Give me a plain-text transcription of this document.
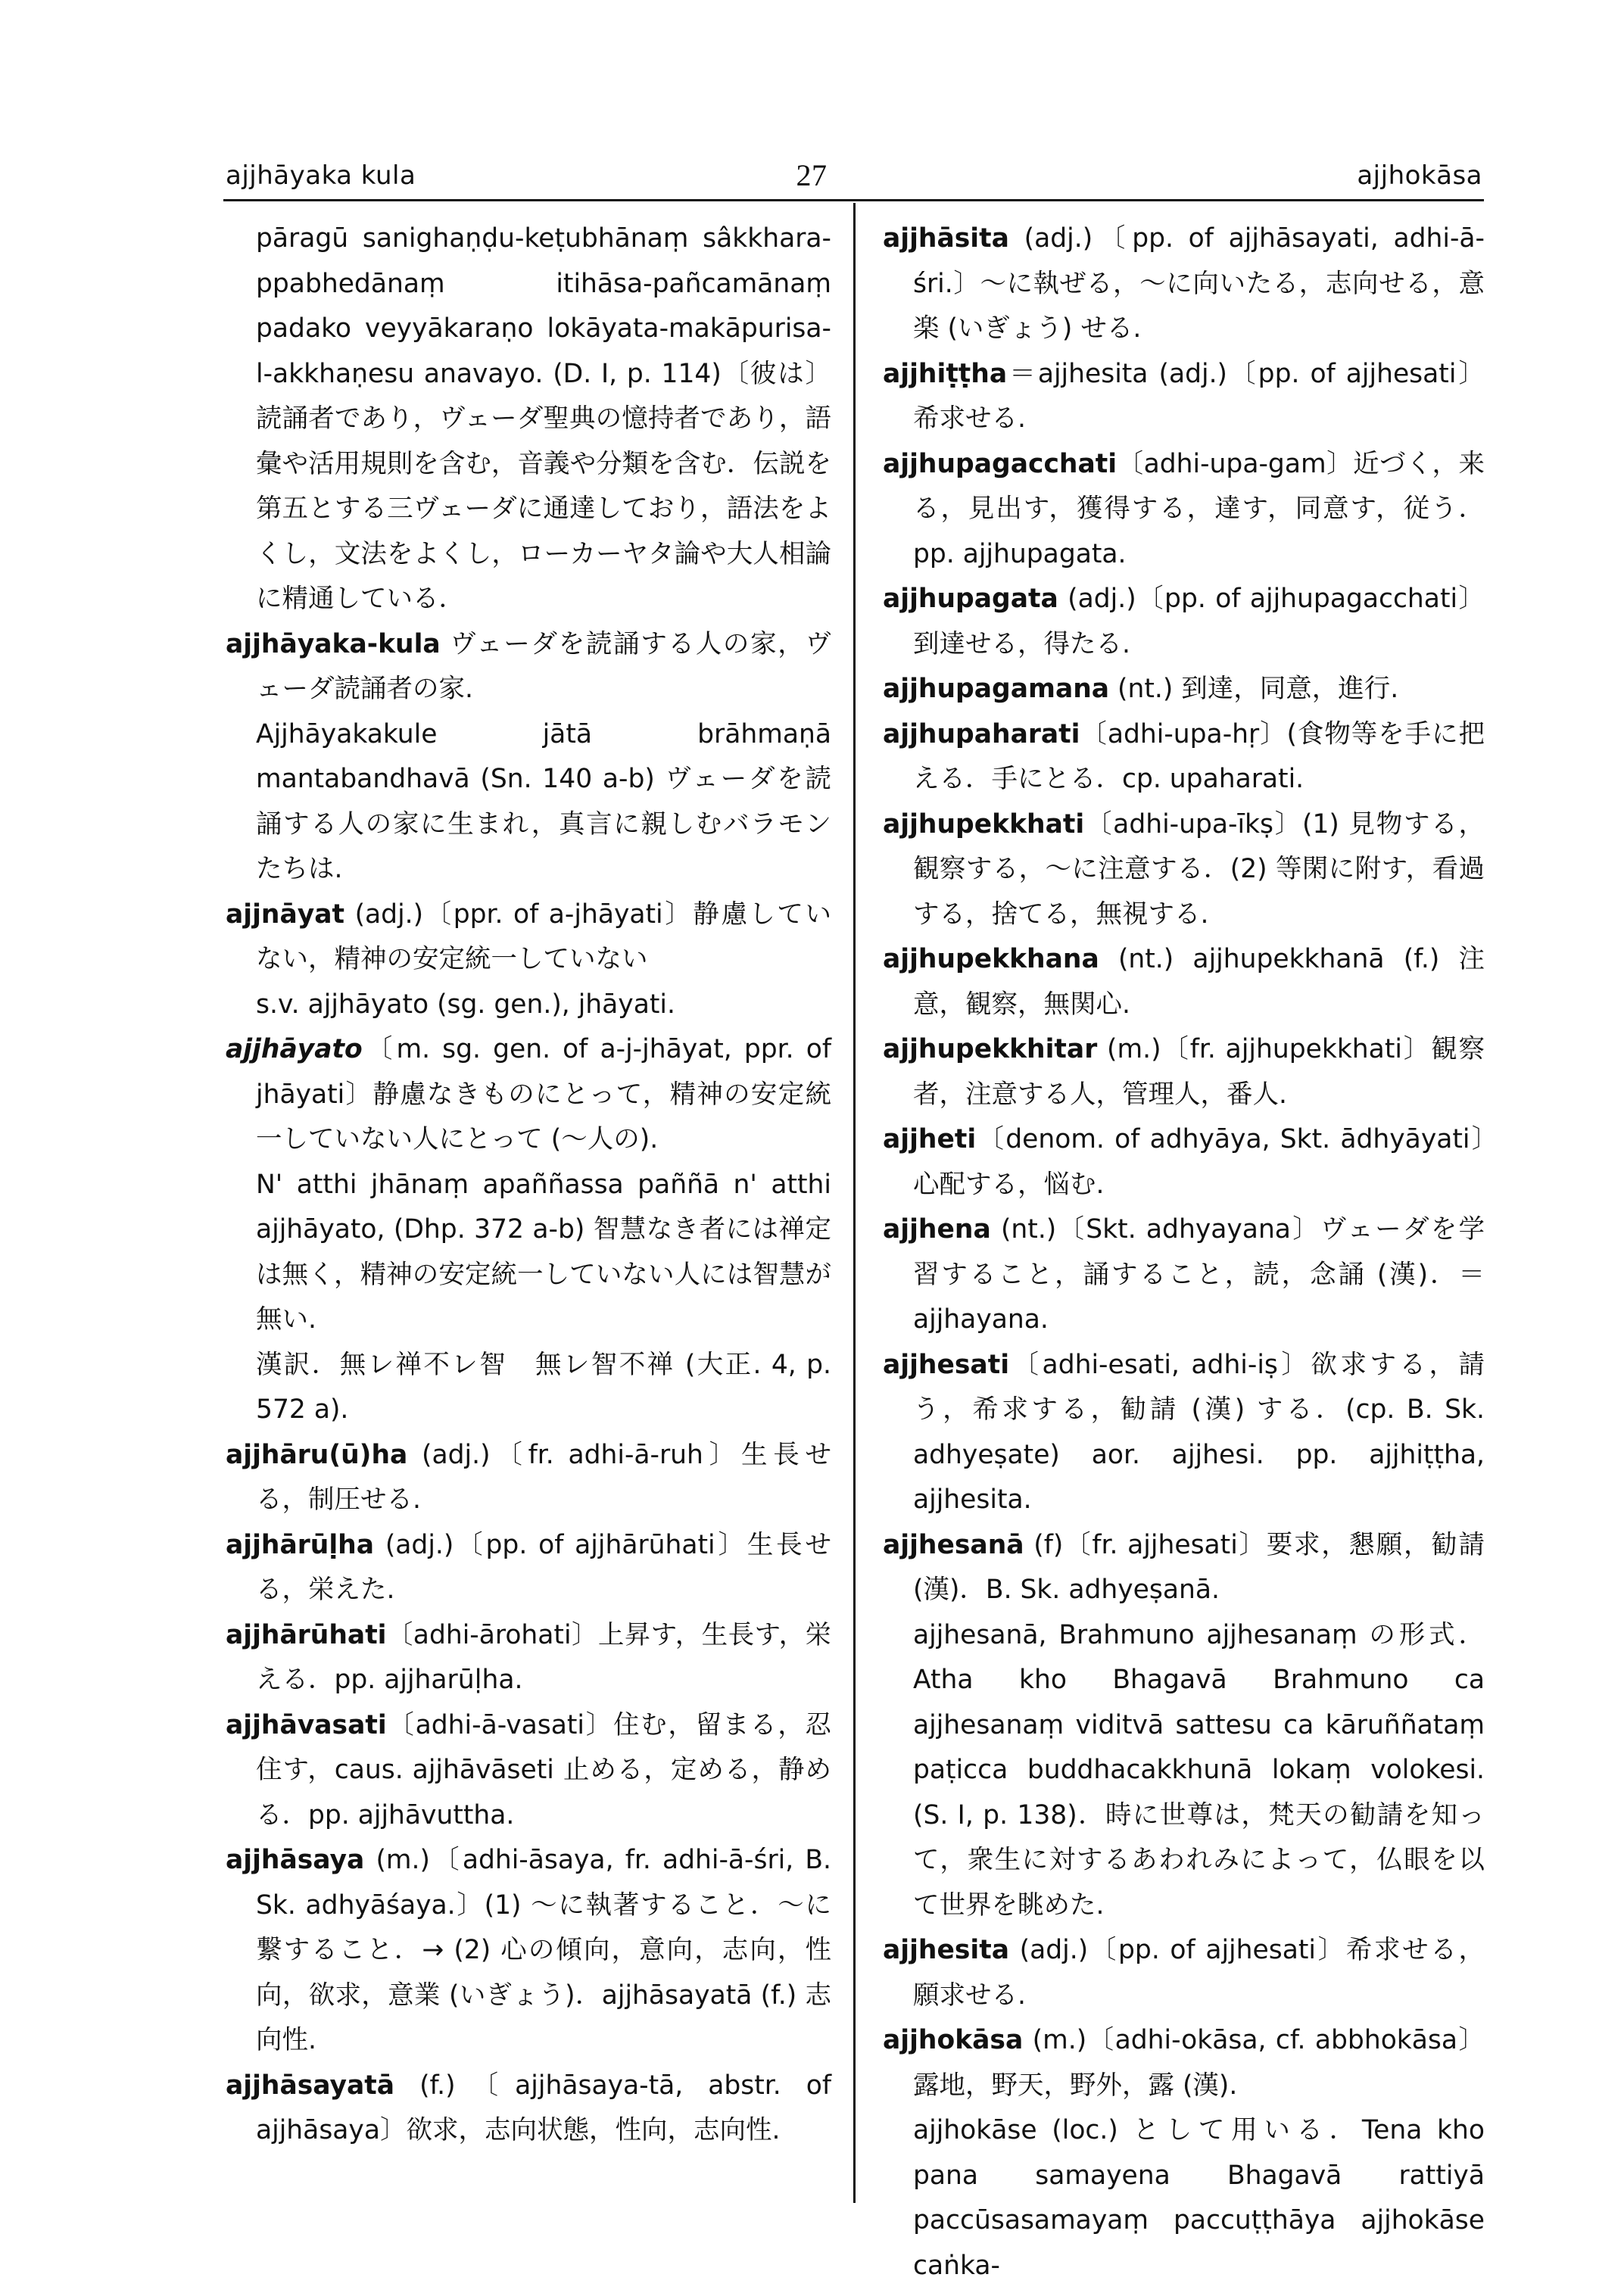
ajjhāyaka kula	27	ajjhokāsa

pāragū sanighaṇḍu-keṭubhānaṃ sâkkhara-ppabhedānaṃ itihāsa-pañcamānaṃ padako veyyākaraṇo lokāyata-makāpurisa-l-akkhaṇesu anavayo. (D. I, p. 114)〔彼は〕読誦者であり，ヴェーダ聖典の憶持者であり，語彙や活用規則を含む，音義や分類を含む．伝説を第五とする三ヴェーダに通達しており，語法をよくし，文法をよくし，ローカーヤタ論や大人相論に精通している．

ajjhāyaka-kula ヴェーダを読誦する人の家，ヴェーダ読誦者の家.

Ajjhāyakakule jātā brāhmaṇā mantabandhavā (Sn. 140 a-b) ヴェーダを読誦する人の家に生まれ，真言に親しむバラモンたちは.

ajjnāyat (adj.)〔ppr. of a-jhāyati〕静慮していない，精神の安定統一していない

s.v. ajjhāyato (sg. gen.), jhāyati.

ajjhāyato〔m. sg. gen. of a-j-jhāyat, ppr. of jhāyati〕静慮なきものにとって，精神の安定統一していない人にとって (〜人の).

N' atthi jhānaṃ apaññassa paññā n' atthi ajjhāyato, (Dhp. 372 a-b) 智慧なき者には禅定は無く，精神の安定統一していない人には智慧が無い.

漢訳．無レ禅不レ智　無レ智不禅 (大正. 4, p. 572 a).

ajjhāru(ū)ha (adj.)〔fr. adhi-ā-ruh〕生長せる，制圧せる.

ajjhārūḷha (adj.)〔pp. of ajjhārūhati〕生長せる，栄えた.

ajjhārūhati〔adhi-ārohati〕上昇す，生長す，栄える．pp. ajjharūḷha.

ajjhāvasati〔adhi-ā-vasati〕住む，留まる，忍住す，caus. ajjhāvāseti 止める，定める，静める．pp. ajjhāvuttha.

ajjhāsaya (m.)〔adhi-āsaya, fr. adhi-ā-śri, B. Sk. adhyāśaya.〕(1) 〜に執著すること．〜に繋すること．→ (2) 心の傾向，意向，志向，性向，欲求，意業 (いぎょう)．ajjhāsayatā (f.) 志向性.

ajjhāsayatā (f.)〔ajjhāsaya-tā, abstr. of ajjhāsaya〕欲求，志向状態，性向，志向性.

ajjhāsita (adj.)〔pp. of ajjhāsayati, adhi-ā-śri.〕〜に執ぜる，〜に向いたる，志向せる，意楽 (いぎょう) せる.

ajjhiṭṭha＝ajjhesita (adj.)〔pp. of ajjhesati〕希求せる.

ajjhupagacchati〔adhi-upa-gam〕近づく，来る，見出す，獲得する，達す，同意す，従う．pp. ajjhupagata.

ajjhupagata (adj.)〔pp. of ajjhupagacchati〕到達せる，得たる.

ajjhupagamana (nt.) 到達，同意，進行.

ajjhupaharati〔adhi-upa-hṛ〕(食物等を手に把える．手にとる．cp. upaharati.

ajjhupekkhati〔adhi-upa-īkṣ〕(1) 見物する，観察する，〜に注意する．(2) 等閑に附す，看過する，捨てる，無視する.

ajjhupekkhana (nt.) ajjhupekkhanā (f.) 注意，観察，無関心.

ajjhupekkhitar (m.)〔fr. ajjhupekkhati〕観察者，注意する人，管理人，番人.

ajjheti〔denom. of adhyāya, Skt. ādhyāyati〕心配する，悩む.

ajjhena (nt.)〔Skt. adhyayana〕ヴェーダを学習すること，誦すること，読，念誦 (漢)．＝ajjhayana.

ajjhesati〔adhi-esati, adhi-iṣ〕欲求する，請う，希求する，勧請 (漢) する．(cp. B. Sk. adhyeṣate) aor. ajjhesi. pp. ajjhiṭṭha, ajjhesita.

ajjhesanā (f)〔fr. ajjhesati〕要求，懇願，勧請 (漢)．B. Sk. adhyeṣanā.

ajjhesanā, Brahmuno ajjhesanaṃ の形式．Atha kho Bhagavā Brahmuno ca ajjhesanaṃ viditvā sattesu ca kāruññataṃ paṭicca buddhacakkhunā lokaṃ volokesi. (S. I, p. 138)．時に世尊は，梵天の勧請を知って，衆生に対するあわれみによって，仏眼を以て世界を眺めた.

ajjhesita (adj.)〔pp. of ajjhesati〕希求せる，願求せる.

ajjhokāsa (m.)〔adhi-okāsa, cf. abbhokāsa〕露地，野天，野外，露 (漢).

ajjhokāse (loc.) として用いる．Tena kho pana samayena Bhagavā rattiyā paccūsasamayaṃ paccuṭṭhāya ajjhokāse caṅka-
